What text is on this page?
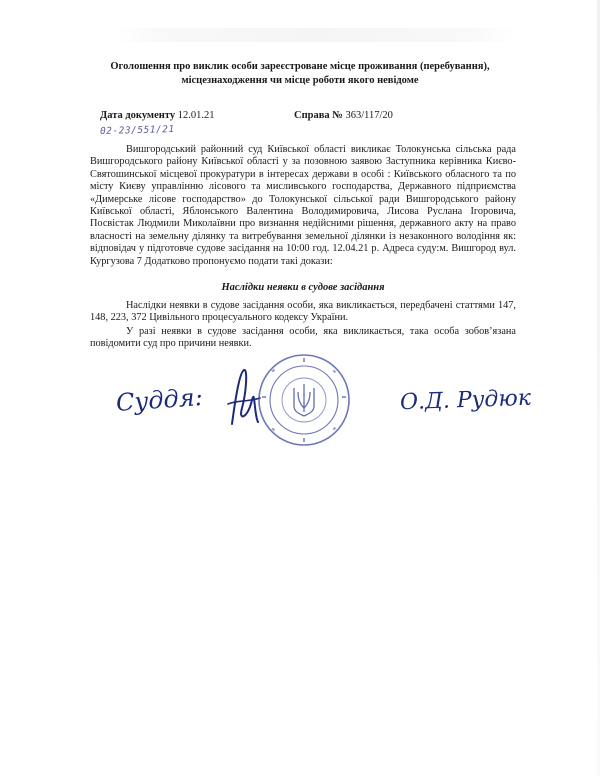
Оголошення про виклик особи зареєстроване місце проживання (перебування), місцезнаходження чи місце роботи якого невідоме
Дата документу 12.01.21
02-23/551/21
Справа № 363/117/20
Вишгородський районний суд Київської області викликає Толокунська сільська рада Вишгородського району Київської області у за позовною заявою Заступника керівника Києво-Святошинської місцевої прокуратури в інтересах держави в особі : Київського обласного та по місту Києву управлінню лісового та мисливського господарства, Державного підприємства «Димерське лісове господарство» до Толокунської сільської ради Вишгородського району Київської області, Яблонського Валентина Володимировича, Лисова Руслана Ігоровича, Посвістак Людмили Миколаївни про визнання недійсними рішення, державного акту на право власності на земельну ділянку та витребування земельної ділянки із незаконного володіння як: відповідач у підготовче судове засідання на 10:00 год. 12.04.21 р. Адреса суду:м. Вишгород вул. Кургузова 7 Додатково пропонуємо подати такі докази:
Наслідки неявки в судове засідання

Наслідки неявки в судове засідання особи, яка викликається, передбачені статтями 147, 148, 223, 372 Цивільного процесуального кодексу України.

У разі неявки в судове засідання особи, яка викликається, така особа зобов’язана повідомити суд про причини неявки.

Суддя:	О.Д. Рудюк
